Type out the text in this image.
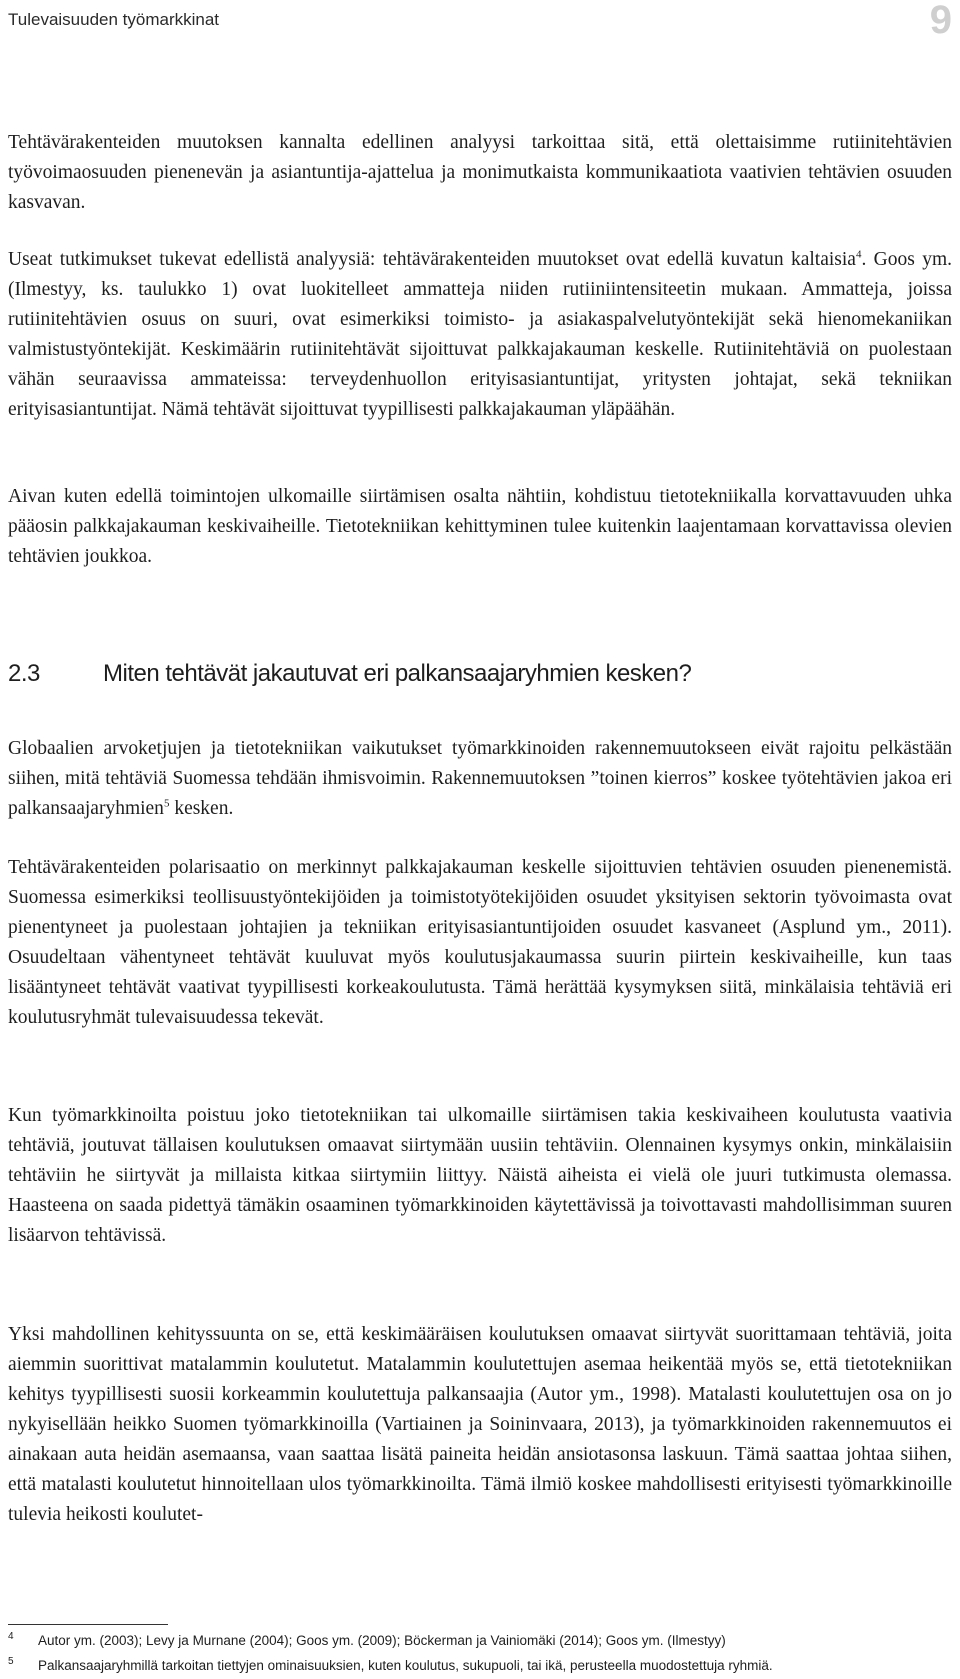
Tulevaisuuden työmarkkinat	9

Tehtävärakenteiden muutoksen kannalta edellinen analyysi tarkoittaa sitä, että olettaisimme rutiinitehtävien työvoimaosuuden pienenevän ja asiantuntija-ajattelua ja monimutkaista kommunikaatiota vaativien tehtävien osuuden kasvavan.

Useat tutkimukset tukevat edellistä analyysiä: tehtävärakenteiden muutokset ovat edellä kuvatun kaltaisia$^4$. Goos ym. (Ilmestyy, ks. taulukko 1) ovat luokitelleet ammatteja niiden rutiiniintensiteetin mukaan. Ammatteja, joissa rutiinitehtävien osuus on suuri, ovat esimerkiksi toimisto- ja asiakaspalvelutyöntekijät sekä hienomekaniikan valmistustyöntekijät. Keskimäärin rutiinitehtävät sijoittuvat palkkajakauman keskelle. Rutiinitehtäviä on puolestaan vähän seuraavissa ammateissa: terveydenhuollon erityisasiantuntijat, yritysten johtajat, sekä tekniikan erityisasiantuntijat. Nämä tehtävät sijoittuvat tyypillisesti palkkajakauman yläpäähän.

Aivan kuten edellä toimintojen ulkomaille siirtämisen osalta nähtiin, kohdistuu tietotekniikalla korvattavuuden uhka pääosin palkkajakauman keskivaiheille. Tietotekniikan kehittyminen tulee kuitenkin laajentamaan korvattavissa olevien tehtävien joukkoa.

2.3	Miten tehtävät jakautuvat eri palkansaajaryhmien kesken?

Globaalien arvoketjujen ja tietotekniikan vaikutukset työmarkkinoiden rakennemuutokseen eivät rajoitu pelkästään siihen, mitä tehtäviä Suomessa tehdään ihmisvoimin. Rakennemuutoksen ”toinen kierros” koskee työtehtävien jakoa eri palkansaajaryhmien$^5$ kesken.

Tehtävärakenteiden polarisaatio on merkinnyt palkkajakauman keskelle sijoittuvien tehtävien osuuden pienenemistä. Suomessa esimerkiksi teollisuustyöntekijöiden ja toimistotyötekijöiden osuudet yksityisen sektorin työvoimasta ovat pienentyneet ja puolestaan johtajien ja tekniikan erityisasiantuntijoiden osuudet kasvaneet (Asplund ym., 2011). Osuudeltaan vähentyneet tehtävät kuuluvat myös koulutusjakaumassa suurin piirtein keskivaiheille, kun taas lisääntyneet tehtävät vaativat tyypillisesti korkeakoulutusta. Tämä herättää kysymyksen siitä, minkälaisia tehtäviä eri koulutusryhmät tulevaisuudessa tekevät.

Kun työmarkkinoilta poistuu joko tietotekniikan tai ulkomaille siirtämisen takia keskivaiheen koulutusta vaativia tehtäviä, joutuvat tällaisen koulutuksen omaavat siirtymään uusiin tehtäviin. Olennainen kysymys onkin, minkälaisiin tehtäviin he siirtyvät ja millaista kitkaa siirtymiin liittyy. Näistä aiheista ei vielä ole juuri tutkimusta olemassa. Haasteena on saada pidettyä tämäkin osaaminen työmarkkinoiden käytettävissä ja toivottavasti mahdollisimman suuren lisäarvon tehtävissä.

Yksi mahdollinen kehityssuunta on se, että keskimääräisen koulutuksen omaavat siirtyvät suorittamaan tehtäviä, joita aiemmin suorittivat matalammin koulutetut. Matalammin koulutettujen asemaa heikentää myös se, että tietotekniikan kehitys tyypillisesti suosii korkeammin koulutettuja palkansaajia (Autor ym., 1998). Matalasti koulutettujen osa on jo nykyisellään heikko Suomen työmarkkinoilla (Vartiainen ja Soininvaara, 2013), ja työmarkkinoiden rakennemuutos ei ainakaan auta heidän asemaansa, vaan saattaa lisätä paineita heidän ansiotasonsa laskuun. Tämä saattaa johtaa siihen, että matalasti koulutetut hinnoitellaan ulos työmarkkinoilta. Tämä ilmiö koskee mahdollisesti erityisesti työmarkkinoille tulevia heikosti koulutet-

4	Autor ym. (2003); Levy ja Murnane (2004); Goos ym. (2009); Böckerman ja Vainiomäki (2014); Goos ym. (Ilmestyy)
5	Palkansaajaryhmillä tarkoitan tiettyjen ominaisuuksien, kuten koulutus, sukupuoli, tai ikä, perusteella muodostettuja ryhmiä.
